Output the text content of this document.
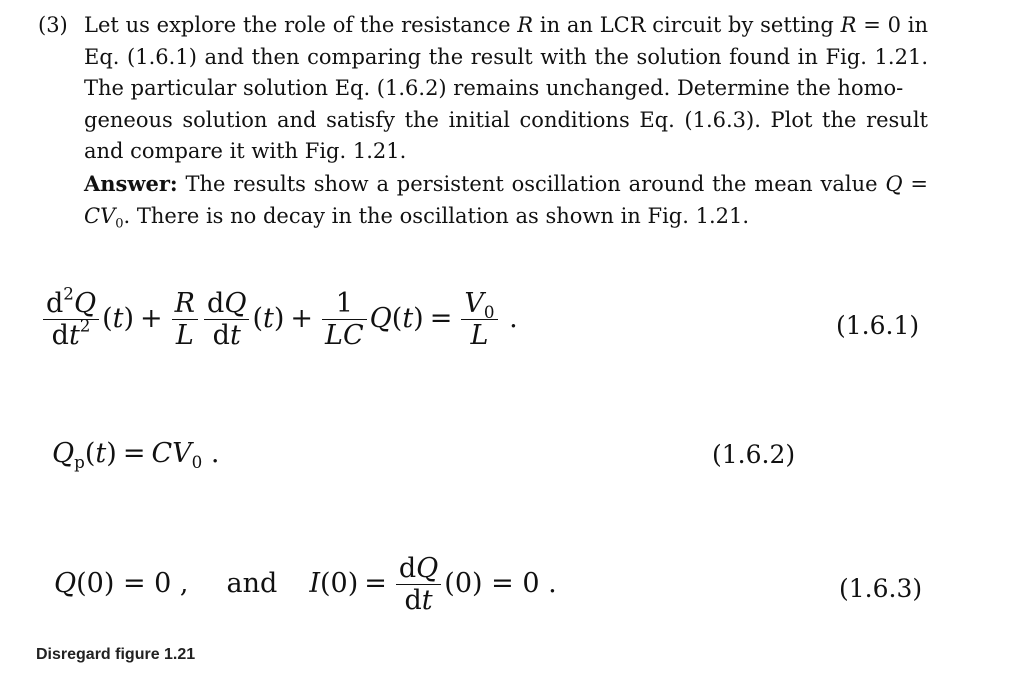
(3) Let us explore the role of the resistance R in an LCR circuit by setting R = 0 in Eq. (1.6.1) and then comparing the result with the solution found in Fig. 1.21. The particular solution Eq. (1.6.2) remains unchanged. Determine the homo-
geneous solution and satisfy the initial conditions Eq. (1.6.3). Plot the result and compare it with Fig. 1.21.
Answer: The results show a persistent oscillation around the mean value $Q = CV_0$. There is no decay in the oscillation as shown in Fig. 1.21.
$\frac{d^2Q}{dt^2} (t) + \frac{R}{L} \frac{dQ}{dt} (t) + \frac{1}{LC} Q(t) = \frac{V_0}{L}$ .	(1.6.1)
$Q_p(t) = CV_0$ .	(1.6.2)
Q(0) = 0 , and $I(0) = \frac{dQ}{dt} (0) = 0$ .	(1.6.3)
Disregard figure 1.21
